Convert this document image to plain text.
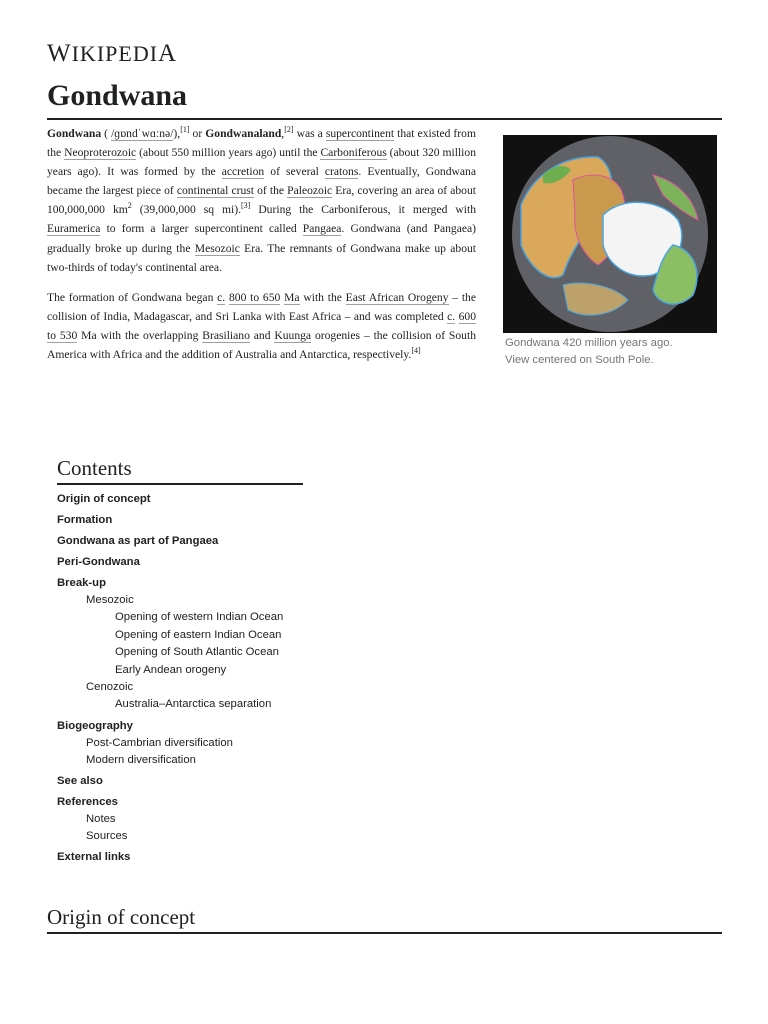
WIKIPEDIA
Gondwana

Gondwana ( /ɡɒndˈwɑːnə/),[1] or Gondwanaland,[2] was a supercontinent that existed from the Neoproterozoic (about 550 million years ago) until the Carboniferous (about 320 million years ago). It was formed by the accretion of several cratons. Eventually, Gondwana became the largest piece of continental crust of the Paleozoic Era, covering an area of about 100,000,000 $km^2$ (39,000,000 sq mi).[3] During the Carboniferous, it merged with Euramerica to form a larger supercontinent called Pangaea. Gondwana (and Pangaea) gradually broke up during the Mesozoic Era. The remnants of Gondwana make up about two-thirds of today's continental area.

The formation of Gondwana began c. 800 to 650 Ma with the East African Orogeny – the collision of India, Madagascar, and Sri Lanka with East Africa – and was completed c. 600 to 530 Ma with the overlapping Brasiliano and Kuunga orogenies – the collision of South America with Africa and the addition of Australia and Antarctica, respectively.[4]

Gondwana 420 million years ago.
View centered on South Pole.
Contents
Origin of concept
Formation
Gondwana as part of Pangaea
Peri-Gondwana
Break-up
Mesozoic
Opening of western Indian Ocean
Opening of eastern Indian Ocean
Opening of South Atlantic Ocean
Early Andean orogeny
Cenozoic
Australia–Antarctica separation
Biogeography
Post-Cambrian diversification
Modern diversification
See also
References
Notes
Sources
External links
Origin of concept
